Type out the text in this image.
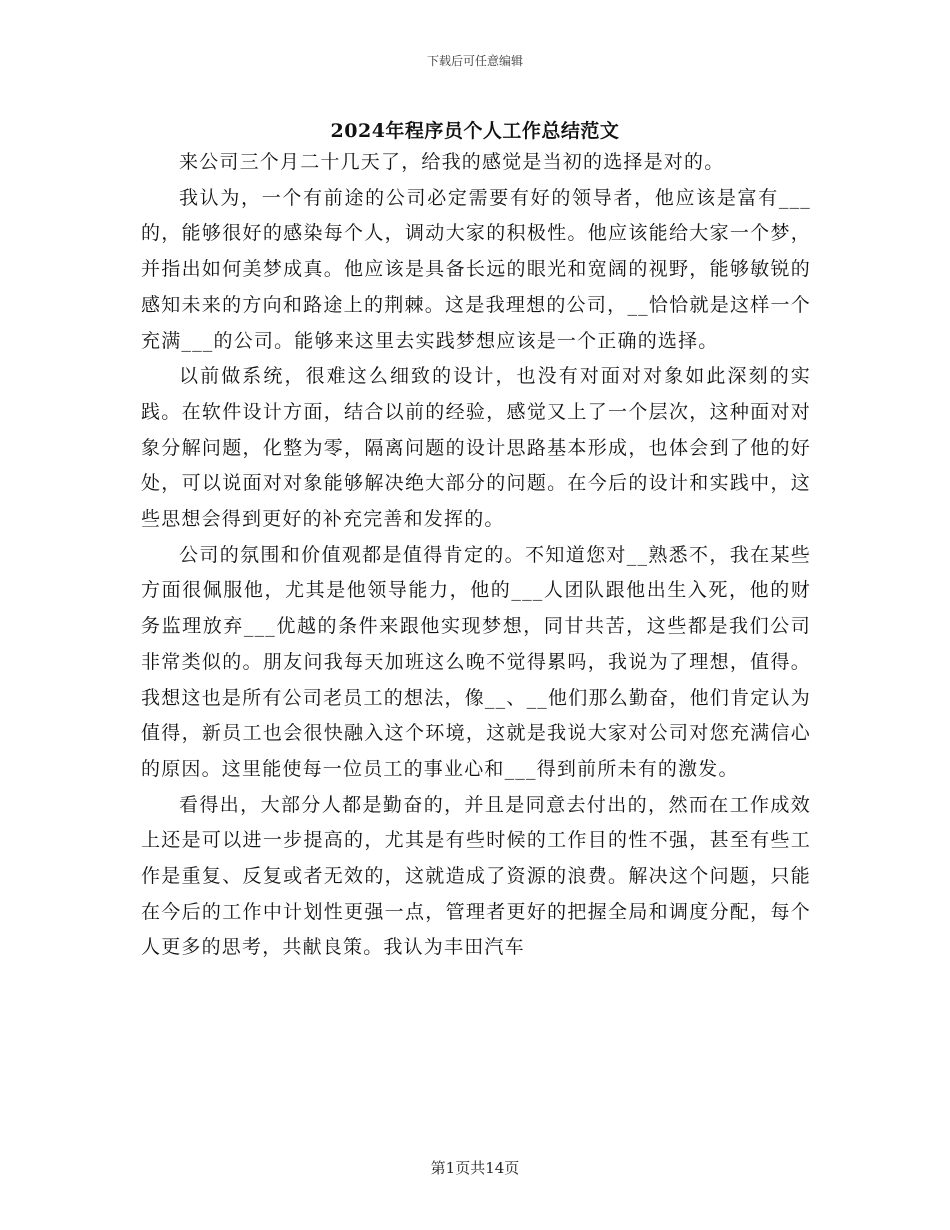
下载后可任意编辑
2024年程序员个人工作总结范文

来公司三个月二十几天了，给我的感觉是当初的选择是对的。

我认为，一个有前途的公司必定需要有好的领导者，他应该是富有___的，能够很好的感染每个人，调动大家的积极性。他应该能给大家一个梦，并指出如何美梦成真。他应该是具备长远的眼光和宽阔的视野，能够敏锐的感知未来的方向和路途上的荆棘。这是我理想的公司，__恰恰就是这样一个充满___的公司。能够来这里去实践梦想应该是一个正确的选择。

以前做系统，很难这么细致的设计，也没有对面对对象如此深刻的实践。在软件设计方面，结合以前的经验，感觉又上了一个层次，这种面对对象分解问题，化整为零，隔离问题的设计思路基本形成，也体会到了他的好处，可以说面对对象能够解决绝大部分的问题。在今后的设计和实践中，这些思想会得到更好的补充完善和发挥的。

公司的氛围和价值观都是值得肯定的。不知道您对__熟悉不，我在某些方面很佩服他，尤其是他领导能力，他的___人团队跟他出生入死，他的财务监理放弃___优越的条件来跟他实现梦想，同甘共苦，这些都是我们公司非常类似的。朋友问我每天加班这么晚不觉得累吗，我说为了理想，值得。我想这也是所有公司老员工的想法，像__、__他们那么勤奋，他们肯定认为值得，新员工也会很快融入这个环境，这就是我说大家对公司对您充满信心的原因。这里能使每一位员工的事业心和___得到前所未有的激发。

看得出，大部分人都是勤奋的，并且是同意去付出的，然而在工作成效上还是可以进一步提高的，尤其是有些时候的工作目的性不强，甚至有些工作是重复、反复或者无效的，这就造成了资源的浪费。解决这个问题，只能在今后的工作中计划性更强一点，管理者更好的把握全局和调度分配，每个人更多的思考，共献良策。我认为丰田汽车

第1页共14页
